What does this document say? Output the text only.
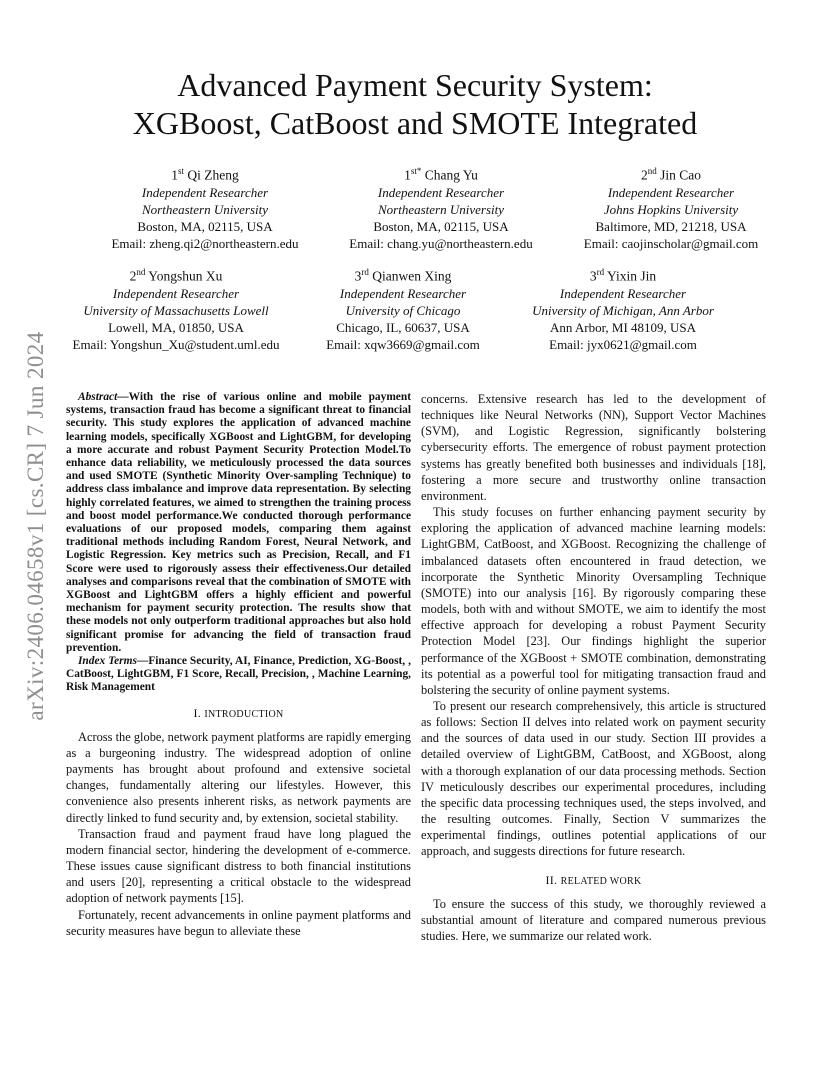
arXiv:2406.04658v1 [cs.CR] 7 Jun 2024
Advanced Payment Security System:
XGBoost, CatBoost and SMOTE Integrated
1st Qi Zheng
Independent Researcher
Northeastern University
Boston, MA, 02115, USA
Email: zheng.qi2@northeastern.edu
$1^{st*}$ Chang Yu
Independent Researcher
Northeastern University
Boston, MA, 02115, USA
Email: chang.yu@northeastern.edu
2nd Jin Cao
Independent Researcher
Johns Hopkins University
Baltimore, MD, 21218, USA
Email: caojinscholar@gmail.com
2nd Yongshun Xu
Independent Researcher
University of Massachusetts Lowell
Lowell, MA, 01850, USA
Email: Yongshun_Xu@student.uml.edu
3rd Qianwen Xing
Independent Researcher
University of Chicago
Chicago, IL, 60637, USA
Email: xqw3669@gmail.com
3rd Yixin Jin
Independent Researcher
University of Michigan, Ann Arbor
Ann Arbor, MI 48109, USA
Email: jyx0621@gmail.com

Abstract—With the rise of various online and mobile payment systems, transaction fraud has become a significant threat to financial security. This study explores the application of advanced machine learning models, specifically XGBoost and LightGBM, for developing a more accurate and robust Payment Security Protection Model.To enhance data reliability, we meticulously processed the data sources and used SMOTE (Synthetic Minority Over-sampling Technique) to address class imbalance and improve data representation. By selecting highly correlated features, we aimed to strengthen the training process and boost model performance.We conducted thorough performance evaluations of our proposed models, comparing them against traditional methods including Random Forest, Neural Network, and Logistic Regression. Key metrics such as Precision, Recall, and F1 Score were used to rigorously assess their effectiveness.Our detailed analyses and comparisons reveal that the combination of SMOTE with XGBoost and LightGBM offers a highly efficient and powerful mechanism for payment security protection. The results show that these models not only outperform traditional approaches but also hold significant promise for advancing the field of transaction fraud prevention.

Index Terms—Finance Security, AI, Finance, Prediction, XG-Boost, , CatBoost, LightGBM, F1 Score, Recall, Precision, , Machine Learning, Risk Management

I. INTRODUCTION

Across the globe, network payment platforms are rapidly emerging as a burgeoning industry. The widespread adoption of online payments has brought about profound and extensive societal changes, fundamentally altering our lifestyles. However, this convenience also presents inherent risks, as network payments are directly linked to fund security and, by extension, societal stability.

Transaction fraud and payment fraud have long plagued the modern financial sector, hindering the development of e-commerce. These issues cause significant distress to both financial institutions and users [20], representing a critical obstacle to the widespread adoption of network payments [15].

Fortunately, recent advancements in online payment platforms and security measures have begun to alleviate these

concerns. Extensive research has led to the development of techniques like Neural Networks (NN), Support Vector Machines (SVM), and Logistic Regression, significantly bolstering cybersecurity efforts. The emergence of robust payment protection systems has greatly benefited both businesses and individuals [18], fostering a more secure and trustworthy online transaction environment.

This study focuses on further enhancing payment security by exploring the application of advanced machine learning models: LightGBM, CatBoost, and XGBoost. Recognizing the challenge of imbalanced datasets often encountered in fraud detection, we incorporate the Synthetic Minority Oversampling Technique (SMOTE) into our analysis [16]. By rigorously comparing these models, both with and without SMOTE, we aim to identify the most effective approach for developing a robust Payment Security Protection Model [23]. Our findings highlight the superior performance of the XGBoost + SMOTE combination, demonstrating its potential as a powerful tool for mitigating transaction fraud and bolstering the security of online payment systems.

To present our research comprehensively, this article is structured as follows: Section II delves into related work on payment security and the sources of data used in our study. Section III provides a detailed overview of LightGBM, CatBoost, and XGBoost, along with a thorough explanation of our data processing methods. Section IV meticulously describes our experimental procedures, including the specific data processing techniques used, the steps involved, and the resulting outcomes. Finally, Section V summarizes the experimental findings, outlines potential applications of our approach, and suggests directions for future research.

II. RELATED WORK

To ensure the success of this study, we thoroughly reviewed a substantial amount of literature and compared numerous previous studies. Here, we summarize our related work.
